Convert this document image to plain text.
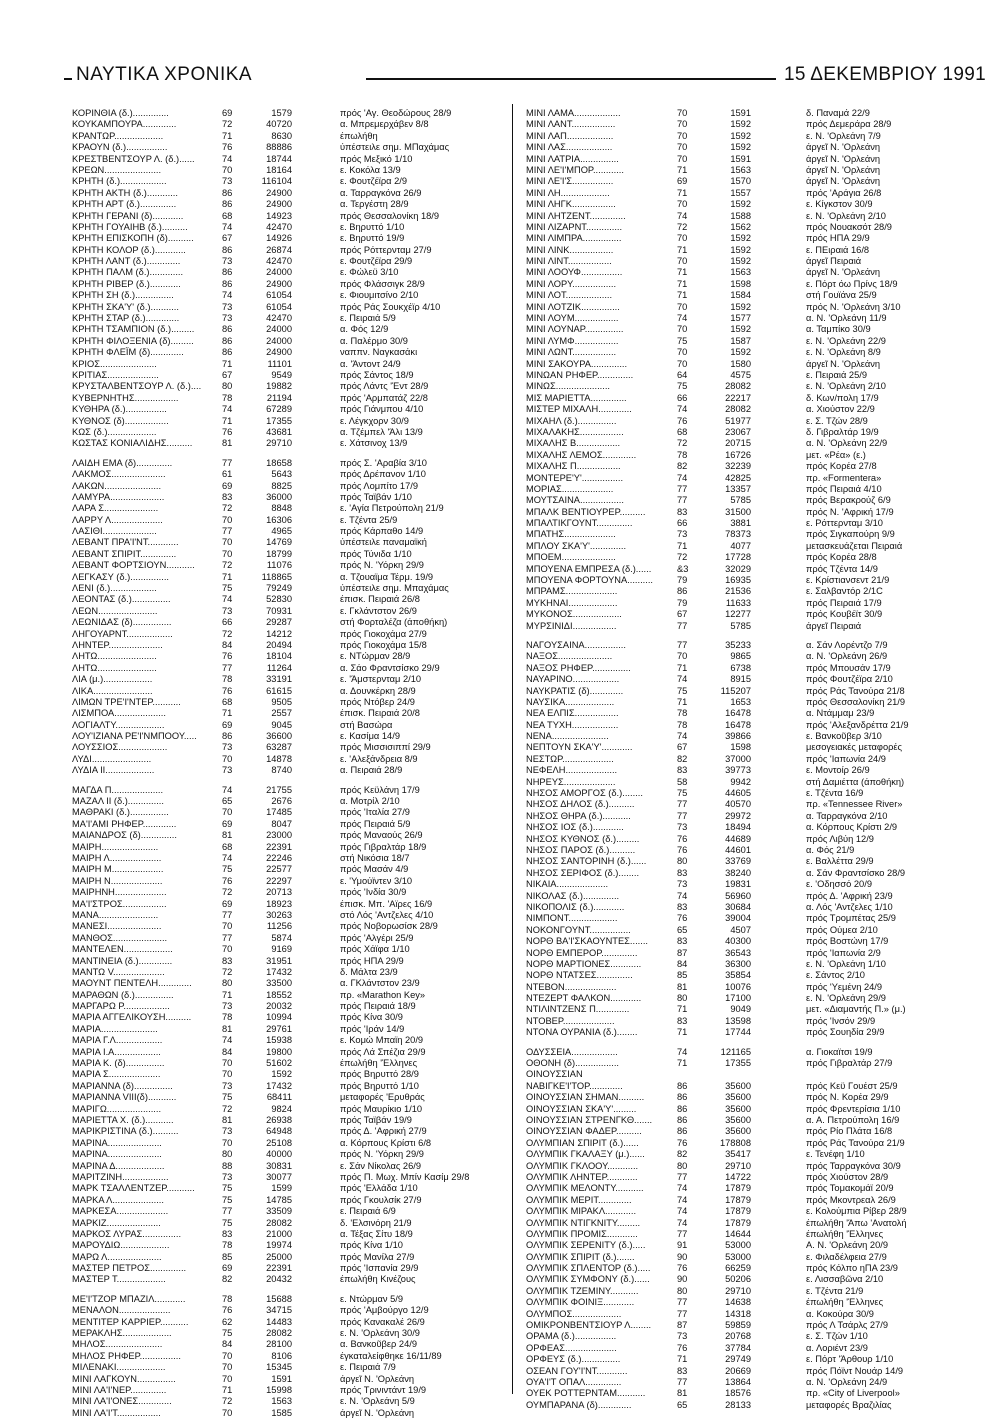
ΝΑΥΤΙΚΑ ΧΡΟΝΙΚΑ	15 ΔΕΚΕΜΒΡΙΟΥ 1991
ΚΟΡΙΝΘΙΑ (δ.)..............	69	1579	πρός 'Αγ. Θεοδώρους 28/9
ΚΟΥΚΑΜΠΟΥΡΑ.............	72	40720	α. Μπρεμερχάβεν 8/8
ΚΡΑΝΤΩΡ...................	71	8630	έπωλήθη
ΚΡΑΟΥΝ (δ.)................	76	88886	ύπέστειλε σημ. ΜΠαχάμας
ΚΡΕΣΤΒΕΝΤΣΟΥΡ Λ. (δ.)......	74	18744	πρός Μεξικό 1/10
ΚΡΕΩΝ......................	70	18164	ε. Κοκόλα 13/9
ΚΡΗΤΗ (δ.)..................	73	116104	ε. Φουτζέϊρα 2/9
ΚΡΗΤΗ ΑΚΤΗ (δ.)............	86	24900	α. Ταρραγκόνα 26/9
ΚΡΗΤΗ ΑΡΤ (δ.)..............	86	24900	α. Τεργέστη 28/9
ΚΡΗΤΗ ΓΕΡΑΝΙ (δ)............	68	14923	πρός Θεσσαλονίκη 18/9
ΚΡΗΤΗ ΓΟΥΑΙΗΒ (δ.)..........	74	42470	ε. Βηρυττό 1/10
ΚΡΗΤΗ ΕΠΙΣΚΟΠΗ (δ)..........	67	14926	ε. Βηρυττό 19/9
ΚΡΗΤΗ ΚΟΛΟΡ (δ.)............	86	26874	πρός Ρόττερνταμ 27/9
ΚΡΗΤΗ ΛΑΝΤ (δ.).............	73	42470	ε. Φουτζέϊρα 29/9
ΚΡΗΤΗ ΠΑΛΜ (δ.).............	86	24000	ε. Φώλεϋ 3/10
ΚΡΗΤΗ ΡΙΒΕΡ (δ.)............	86	24900	πρός Φλάσσιγκ 28/9
ΚΡΗΤΗ ΣΗ (δ.)...............	74	61054	ε. Φιουμιτσίνο 2/10
ΚΡΗΤΗ ΣΚΑ'Υ' (δ.)...........	73	61054	πρός Ράς Σουκχέϊρ 4/10
ΚΡΗΤΗ ΣΤΑΡ (δ.).............	73	42470	ε. Πειραιά 5/9
ΚΡΗΤΗ ΤΣΑΜΠΙΟΝ (δ.).........	86	24000	α. Φός 12/9
ΚΡΗΤΗ ΦΙΛΟΞΕΝΙΑ (δ).........	86	24000	α. Παλέρμο 30/9
ΚΡΗΤΗ ΦΛΕΪΜ (δ).............	86	24900	ναππν. Ναγκασάκι
ΚΡΙΟΣ......................	71	11101	α. 'Άντοντ 24/9
ΚΡΙΤΙΑΣ....................	67	9549	πρός Σάντος 18/9
ΚΡΥΣΤΑΛΒΕΝΤΣΟΥΡ Λ. (δ.)....	80	19882	πρός Λάντς 'Έντ 28/9
ΚΥΒΕΡΝΗΤΗΣ.................	78	21194	πρός 'Αρμπατάζ 22/8
ΚΥΘΗΡΑ (δ.)................	74	67289	πρός Γιάνμπου 4/10
ΚΥΘΝΟΣ (δ).................	71	17355	ε. Λέγκχορν 30/9
ΚΩΣ (δ.)...................	76	43681	α. Τζέμπελ 'Άλι 13/9
ΚΩΣΤΑΣ ΚΟΝΙΑΛΙΔΗΣ..........	81	29710	ε. Χάτσινοχ 13/9
ΛΑΙΔΗ ΕΜΑ (δ)..............	77	18658	πρός Σ. 'Αραβία 3/10
ΛΑΚΜΟΣ.....................	61	5643	πρός Δρέπανον 1/10
ΛΑΚΩΝ......................	69	8825	πρός Λομπίτο 17/9
ΛΑΜΥΡΑ.....................	83	36000	πρός Ταϊβάν 1/10
ΛΑΡΑ Σ.....................	72	8848	ε. 'Αγία Πετρούπολη 21/9
ΛΑΡΡΥ Λ....................	70	16306	ε. Τζέντα 25/9
ΛΑΣΙΘΙ.....................	77	4965	πρός Κάρπαθο 14/9
ΛΕΒΑΝΤ ΠΡΑ'Ι'ΝΤ............	70	14769	ύπέστειλε παναμαϊκή
ΛΕΒΑΝΤ ΣΠΙΡΙΤ..............	70	18799	πρός Τύνιδα 1/10
ΛΕΒΑΝΤ ΦΟΡΤΣΙΟΥΝ...........	72	11076	πρός Ν. 'Υόρκη 29/9
ΛΕΓΚΑΣΥ (δ.)...............	71	118865	α. Τζουαϊμα Τέρμ. 19/9
ΛΕΝΙ (δ.)..................	75	79249	ύπέστειλε σημ. Μπαχάμας
ΛΕΟΝΤΑΣ (δ.)...............	74	52830	έπισκ. Πειραιά 26/8
ΛΕΩΝ.......................	73	70931	ε. Γκλάντστον 26/9
ΛΕΩΝΙΔΑΣ (δ)...............	66	29287	στή Φορταλέζα (άποθήκη)
ΛΗΓΟΥΑΡΝΤ..................	72	14212	πρός Γιοκοχάμα 27/9
ΛΗΝΤΕΡ.....................	84	20494	πρός Γιοκοχάμα 15/8
ΛΗΤΩ.......................	76	18104	ε. ΝΤώρμαν 28/9
ΛΗΤΩ.......................	77	11264	α. Σάο Φραντσίσκο 29/9
ΛΙΑ (μ.)...................	78	33191	ε. 'Άμστερνταμ 2/10
ΛΙΚΑ.......................	76	61615	α. Δουνκέρκη 28/9
ΛΙΜΩΝ ΤΡΕ'Ι'ΝΤΕΡ...........	68	9505	πρός Ντόβερ 24/9
ΛΙΣΜΠΟΑ....................	71	2557	έπισκ. Πειραιά 20/8
ΛΟΓΙΑΛΤΥ...................	69	9045	στή Βασώρα
ΛΟΥ'ΙΖΙΑΝΑ ΡΕ'Ι'ΝΜΠΟΟΥ.....	86	36600	ε. Κασίμα 14/9
ΛΟΥΣΣΙΟΣ...................	73	63287	πρός Μισσισιππί 29/9
ΛΥΔΙ.......................	70	14878	ε. 'Αλεξάνδρεια 8/9
ΛΥΔΙΑ ΙΙ...................	73	8740	α. Πειραιά 28/9
ΜΑΓΔΑ Π....................	74	21755	πρός Κεϋλάνη 17/9
ΜΑΖΑΛ ΙΙ (δ.)..............	65	2676	α. Μοτρίλ 2/10
ΜΑΘΡΑΚΙ (δ.)...............	70	17485	πρός 'Ιταλία 27/9
ΜΑ'Ι'ΑΜΙ ΡΗΦΕΡ.............	69	8047	πρός Πειραιά 5/9
ΜΑΙΑΝΔΡΟΣ (δ)..............	81	23000	πρός Μαναούς 26/9
ΜΑΙΡΗ......................	68	22391	πρός Γιβραλτάρ 18/9
ΜΑΙΡΗ Λ....................	74	22246	στή Νικόσια 18/7
ΜΑΙΡΗ Μ....................	75	22577	πρός Μασάν 4/9
ΜΑΙΡΗ Ν....................	76	22297	ε. 'Υμούϊντεν 3/10
ΜΑΙΡΗΝΗ....................	72	20713	πρός 'Ινδία 30/9
ΜΑ'Ι'ΣΤΡΟΣ.................	69	18923	έπισκ. Μπ. 'Αϊρες 16/9
ΜΑΝΑ.......................	77	30263	στό Λός 'Αντζελες 4/10
ΜΑΝΕΣΙ.....................	70	11256	πρός Νοβορωσίσκ 28/9
ΜΑΝΘΟΣ.....................	77	5874	πρός 'Αλγέρι 25/9
ΜΑΝΤΕΛΕΝ...................	70	9169	πρός Χάϊφα 1/10
ΜΑΝΤΙΝΕΙΑ (δ.).............	83	31951	πρός ΗΠΑ 29/9
ΜΑΝΤΩ V....................	72	17432	δ. Μάλτα 23/9
ΜΑΟΥΝΤ ΠΕΝΤΕΛΗ.............	80	33500	α. ΓΚλάντστον 23/9
ΜΑΡΑΘΩΝ (δ.)...............	71	18552	πρ. «Marathon Key»
ΜΑΡΓΑΡΩ Ρ..................	73	20032	πρός Πειραιά 18/9
ΜΑΡΙΑ ΑΓΓΕΛΙΚΟΥΣΗ..........	78	10994	πρός Κίνα 30/9
ΜΑΡΙΑ......................	81	29761	πρός 'Ιράν 14/9
ΜΑΡΙΑ Γ.Λ..................	74	15938	ε. Κομώ Μπαϊη 20/9
ΜΑΡΙΑ Ι.Α..................	84	19800	πρός Λά Σπέζια 29/9
ΜΑΡΙΑ Κ. (δ)...............	70	51602	έπωλήθη 'Έλληνες
ΜΑΡΙΑ Σ....................	70	1592	πρός Βηρυττό 28/9
ΜΑΡΙΑΝΝΑ (δ)...............	73	17432	πρός Βηρυττό 1/10
ΜΑΡΙΑΝΝΑ VIII(δ)...........	75	68411	μεταφορές 'Ερυθράς
ΜΑΡΙΓΩ.....................	72	9824	πρός Μαυρίκιο 1/10
ΜΑΡΙΕΤΤΑ Χ. (δ.)...........	81	26938	πρός Ταϊβάν 19/9
ΜΑΡΙΚΡΙΣΤΙΝΑ (δ.)..........	73	64948	πρός Δ. 'Αφρική 27/9
ΜΑΡΙΝΑ.....................	70	25108	α. Κόρπους Κρίστι 6/8
ΜΑΡΙΝΑ.....................	80	40000	πρός Ν. 'Υόρκη 29/9
ΜΑΡΙΝΑ Δ...................	88	30831	ε. Σάν Νίκολας 26/9
ΜΑΡΙΤΖΙΝΗ..................	73	30077	πρός Π. Μωχ. Μπίν Κασίμ 29/8
ΜΑΡΚ ΤΣΑΛΛΕΝΤΖΕΡ...........	75	1599	πρός 'Ελλάδα 1/10
ΜΑΡΚΑ Λ....................	75	14785	πρός Γκουλσίκ 27/9
ΜΑΡΚΕΣΑ....................	77	33509	ε. Πειραιά 6/9
ΜΑΡΚΙΖ.....................	75	28082	δ. 'Ελσινόρη 21/9
ΜΑΡΚΟΣ ΛΥΡΑΣ...............	83	21000	α. Τέξας Σίτυ 18/9
ΜΑΡΟΥΔΙΩ...................	78	19974	πρός Κίνα 1/10
ΜΑΡΩ Λ.....................	85	25000	πρός Μανίλα 27/9
ΜΑΣΤΕΡ ΠΕΤΡΟΣ..............	69	22391	πρός 'Ισπανία 29/9
ΜΑΣΤΕΡ Τ...................	82	20432	έπωλήθη Κινέζους
ΜΕ'Ι'ΤΖΟΡ ΜΠΑΖΙΛ............	78	15688	ε. Ντώρμαν 5/9
ΜΕΝΑΛΟΝ....................	76	34715	πρός 'Αμβούργο 12/9
ΜΕΝΤΙΤΕΡ ΚΑΡΡΙΕΡ...........	62	14483	πρός Κανακαλέ 26/9
ΜΕΡΑΚΛΗΣ...................	75	28082	ε. Ν. 'Ορλεάνη 30/9
ΜΗΛΟΣ......................	84	28100	α. Βανκοῦβερ 24/9
ΜΗΛΟΣ ΡΗΦΕΡ................	70	8106	έγκαταλείφθηκε 16/11/89
ΜΙΛΕΝΑΚΙ...................	70	15345	ε. Πειραιά 7/9
ΜΙΝΙ ΛΑΓΚΟΥΝ...............	70	1591	άργεῖ Ν. 'Ορλεάνη
ΜΙΝΙ ΛΑ'Ι'ΝΕΡ..............	71	15998	πρός Τρινιντάντ 19/9
ΜΙΝΙ ΛΑ'Ι'ΟΝΕΣ.............	72	1563	ε. Ν. 'Ορλεάνη 5/9
ΜΙΝΙ ΛΑ'Ι'Τ.................	70	1585	άργεῖ Ν. 'Ορλεάνη
ΜΙΝΙ ΛΑΜΑ..................	70	1591	δ. Παναμά 22/9
ΜΙΝΙ ΛΑΝΤ.................	70	1592	πρός Δεμεράρα 28/9
ΜΙΝΙ ΛΑΠ..................	70	1592	ε. Ν. 'Ορλεάνη 7/9
ΜΙΝΙ ΛΑΣ..................	70	1592	άργεῖ Ν. 'Ορλεάνη
ΜΙΝΙ ΛΑΤΡΙΑ...............	70	1591	άργεῖ Ν. 'Ορλεάνη
ΜΙΝΙ ΛΕ'Ι'ΜΠΟΡ............	71	1563	άργεῖ Ν. 'Ορλεάνη
ΜΙΝΙ ΛΕ'Ι'Σ................	69	1570	άργεῖ Ν. 'Ορλεάνη
ΜΙΝΙ ΛΗ...................	71	1557	πρός 'Αράγια 26/8
ΜΙΝΙ ΛΗΓΚ.................	70	1592	ε. Κίγκστον 30/9
ΜΙΝΙ ΛΗΤΖΕΝΤ..............	74	1588	ε. Ν. 'Ορλεάνη 2/10
ΜΙΝΙ ΛΙΖΑΡΝΤ..............	72	1562	πρός Νουακσότ 28/9
ΜΙΝΙ ΛΙΜΠΡΑ...............	70	1592	πρός ΗΠΑ 29/9
ΜΙΝΙ ΛΙΝΚ.................	71	1592	ε. ΠΕιραιά 16/8
ΜΙΝΙ ΛΙΝΤ.................	70	1592	άργεῖ Πειραιά
ΜΙΝΙ ΛΟΟΥΦ................	71	1563	άργεῖ Ν. 'Ορλεάνη
ΜΙΝΙ ΛΟΡΥ.................	71	1598	ε. Πόρτ όω Πρίνς 18/9
ΜΙΝΙ ΛΟΤ..................	71	1584	στή Γουϊάνα 25/9
ΜΙΝΙ ΛΟΤΖΙΚ...............	70	1592	πρός Ν. 'Ορλεάνη 3/10
ΜΙΝΙ ΛΟΥΜ.................	74	1577	α. Ν. 'Ορλεάνη 11/9
ΜΙΝΙ ΛΟΥΝΑΡ...............	70	1592	α. Ταμπίκο 30/9
ΜΙΝΙ ΛΥΜΦ.................	75	1587	ε. Ν. 'Ορλεάνη 22/9
ΜΙΝΙ ΛΩΝΤ.................	70	1592	ε. Ν. 'Ορλεάνη 8/9
ΜΙΝΙ ΣΑΚΟΥΡΑ..............	70	1580	άργεῖ Ν. 'Ορλεάνη
ΜΙΝΩΑΝ ΡΗΦΕΡ..............	64	4575	ε. Πειραιά 25/9
ΜΙΝΩΣ.....................	75	28082	ε. Ν. 'Ορλεάνη 2/10
ΜΙΣ ΜΑΡΙΕΤΤΑ..............	66	22217	δ. Κων/πολη 17/9
ΜΙΣΤΕΡ ΜΙΧΑΛΗ.............	74	28082	α. Χιούστον 22/9
ΜΙΧΑΗΛ (δ.)...............	76	51977	ε. Σ. Τζών 28/9
ΜΙΧΑΛΑΚΗΣ.................	68	23067	δ. Γιβραλτάρ 19/9
ΜΙΧΑΛΗΣ Β.................	72	20715	α. Ν. 'Ορλεάνη 22/9
ΜΙΧΑΛΗΣ ΛΕΜΟΣ.............	78	16726	μετ. «Ρέα» (ε.)
ΜΙΧΑΛΗΣ Π.................	82	32239	πρός Κορέα 27/8
ΜΟΝΤΕΡΕ'Υ'................	74	42825	πρ. «Formentera»
ΜΟΡΙΑΣ....................	77	13357	πρός Πειραιά 4/10
ΜΟΥΤΣΑΙΝΑ.................	77	5785	πρός Βερακρούζ 6/9
ΜΠΑΛΚ ΒΕΝΤΙΟΥΡΕΡ..........	83	31500	πρός Ν. 'Αφρική 17/9
ΜΠΑΛΤΙΚΓΟΥΝΤ..............	66	3881	ε. Ρόττερνταμ 3/10
ΜΠΑΤΗΣ....................	73	78373	πρός Σιγκαπούρη 9/9
ΜΠΛΟΥ ΣΚΑ'Υ'..............	71	4077	μετασκευάζεται Πειραιά
ΜΠΟΕΜ.....................	72	17728	πρός Κορέα 28/8
ΜΠΟΥΕΝΑ ΕΜΠΡΕΣΑ (δ.)......	&3	32029	πρός Τζέντα 14/9
ΜΠΟΥΕΝΑ ΦΟΡΤΟΥΝΑ..........	79	16935	ε. Κρίστιανσεντ 21/9
ΜΠΡΑΜΣ....................	86	21536	ε. Σαλβαντόρ 2/1C
ΜΥΚΗΝΑΙ...................	79	11633	πρός Πειραιά 17/9
ΜΥΚΟΝΟΣ...................	67	12277	πρός Κουβέϊτ 30/9
ΜΥΡΣΙΝΙΔΙ.................	77	5785	άργεῖ Πειραιά
ΝΑΓΟΥΣΑΙΝΑ................	77	35233	α. Σάν Λορέντζο 7/9
ΝΑΞΟΣ.....................	70	9865	α. Ν. 'Ορλεάνη 26/9
ΝΑΞΟΣ ΡΗΦΕΡ...............	71	6738	πρός Μπουσάν 17/9
ΝΑΥΑΡΙΝΟ..................	74	8915	πρός Φουτζέϊρα 2/10
ΝΑΥΚΡΑΤΙΣ (δ).............	75	115207	πρός Ράς Τανούρα 21/8
ΝΑΥΣΙΚΑ...................	71	1653	πρός Θεσσαλονίκη 21/9
ΝΕΑ ΕΛΠΙΣ.................	78	16478	α. Ντάμμαμ 23/9
ΝΕΑ ΤΥΧΗ..................	78	16478	πρός 'Αλεξανδρέττα 21/9
ΝΕΝΑ......................	74	39866	ε. Βανκοῦβερ 3/10
ΝΕΠΤΟΥΝ ΣΚΑ'Υ'............	67	1598	μεσογειακές μεταφορές
ΝΕΣΤΩΡ....................	82	37000	πρός 'Ιαπωνία 24/9
ΝΕΦΕΛΗ....................	83	39773	ε. Μοντοίρ 26/9
ΝΗΡΕΥΣ....................	58	9942	στή Δαμιέττα (άποθήκη)
ΝΗΣΟΣ ΑΜΟΡΓΟΣ (δ.)........	75	44605	ε. Τζέντα 16/9
ΝΗΣΟΣ ΔΗΛΟΣ (δ.)..........	77	40570	πρ. «Tennessee River»
ΝΗΣΟΣ ΘΗΡΑ (δ.)...........	77	29972	α. Ταρραγκόνα 2/10
ΝΗΣΟΣ ΙΟΣ (δ.)............	73	18494	α. Κόρπους Κρίστι 2/9
ΝΗΣΟΣ ΚΥΘΝΟΣ (δ.).........	76	44689	πρός Λιβύη 12/9
ΝΗΣΟΣ ΠΑΡΟΣ (δ.)..........	76	44601	α. Φός 21/9
ΝΗΣΟΣ ΣΑΝΤΟΡΙΝΗ (δ.)......	80	33769	ε. Βαλλέττα 29/9
ΝΗΣΟΣ ΣΕΡΙΦΟΣ (δ.)........	83	38240	α. Σάν Φραντσίσκο 28/9
ΝΙΚΑΙΑ....................	73	19831	ε. 'Οδησσό 20/9
ΝΙΚΟΛΑΣ (δ.)..............	74	56960	πρός Δ. 'Αφρική 23/9
ΝΙΚΟΠΟΛΙΣ (δ.)............	83	30684	α. Λός 'Αντζελες 1/10
ΝΙΜΠΟΝΤ...................	76	39004	πρός Τρομπέτας 25/9
ΝΟΚΟΝΓΟΥΝΤ................	65	4507	πρός Ούμεα 2/10
ΝΟΡΘ ΒΑ'Ι'ΣΚΑΟΥΝΤΕΣ.......	83	40300	πρός Βοστώνη 17/9
ΝΟΡΘ ΕΜΠΕΡΟΡ..............	87	36543	πρός 'Ιαπωνία 2/9
ΝΟΡΘ ΜΑΡΤΙΟΝΕΣ............	84	36300	ε. Ν. 'Ορλεάνη 1/10
ΝΟΡΘ ΝΤΑΤΣΕΣ..............	85	35854	ε. Σάντος 2/10
ΝΤΕΒΟΝ....................	81	10076	πρός 'Υεμένη 24/9
ΝΤΕΖΕΡΤ ΦΑΛΚΟΝ............	80	17100	ε. Ν. 'Ορλεάνη 29/9
ΝΤΙΛΙΝΤΖΕΝΣ Π.............	71	9049	μετ. «Διαμαντής Π.» (μ.)
ΝΤΟΒΕΡ....................	83	13598	πρός 'Ινσόν 29/9
ΝΤΟΝΑ ΟΥΡΑΝΙΑ (δ.)........	71	17744	πρός Σουηδία 29/9
ΟΔΥΣΣΕΙΑ..................	74	121165	α. Γιοκαϊτσι 19/9
ΟΘΟΝΗ (δ).................	71	17355	πρός Γιβραλτάρ 27/9
ΟΙΝΟΥΣΣΙΑΝ
ΝΑΒΙΓΚΕ'Ι'ΤΟΡ.............	86	35600	πρός Κεϋ Γουέστ 25/9
ΟΙΝΟΥΣΣΙΑΝ ΣΗΜΑΝ..........	86	35600	πρός Ν. Κορέα 29/9
ΟΙΝΟΥΣΣΙΑΝ ΣΚΑ'Υ'.........	86	35600	πρός Φρεντερίσια 1/10
ΟΙΝΟΥΣΣΙΑΝ ΣΤΡΕΝΓΚΘ.......	86	35600	α. Α. Πετρούπολη 16/9
ΟΙΝΟΥΣΣΙΑΝ ΦΑΔΕΡ..........	86	35600	πρός Ρίο Πλάτα 16/8
ΟΛΥΜΠΙΑΝ ΣΠΙΡΙΤ (δ.)......	76	178808	πρός Ράς Τανούρα 21/9
ΟΛΥΜΠΙΚ ΓΚΑΛΑΞΥ (μ.)......	82	35417	ε. Τενέφη 1/10
ΟΛΥΜΠΙΚ ΓΚΛΟΟΥ............	80	29710	πρός Ταρραγκόνα 30/9
ΟΛΥΜΠΙΚ ΛΗΝΤΕΡ............	77	14722	πρός Χιούστον 28/9
ΟΛΥΜΠΙΚ ΜΕΛΟΝΤΥ...........	74	17879	πρός Τομακομάϊ 20/9
ΟΛΥΜΠΙΚ ΜΕΡΙΤ.............	74	17879	πρός Μκοντρεαλ 26/9
ΟΛΥΜΠΙΚ ΜΙΡΑΚΛ............	74	17879	ε. Κολούμπια Ρίβερ 28/9
ΟΛΥΜΠΙΚ ΝΤΙΓΚΝΙΤΥ.........	74	17879	έπωλήθη 'Άπω 'Ανατολή
ΟΛΥΜΠΙΚ ΠΡΟΜΙΣ............	77	14644	έπωλήθη 'Έλληνες
ΟΛΥΜΠΙΚ ΣΕΡΕΝΙΤΥ (δ.).....	91	53000	Α. Ν. 'Ορλεάνη 20/9
ΟΛΥΜΠΙΚ ΣΠΙΡΙΤ (δ.).......	90	53000	ε. Φιλαδέλφεια 27/9
ΟΛΥΜΠΙΚ ΣΠΛΕΝΤΟΡ (δ.).....	76	66259	πρός Κόλπο ηΠΑ 23/9
ΟΛΥΜΠΙΚ ΣΥΜΦΟΝΥ (δ.)......	90	50206	ε. Λισσαβῶνα 2/10
ΟΛΥΜΠΙΚ ΤΖΕΜΙΝΥ...........	80	29710	ε. Τζέντα 21/9
ΟΛΥΜΠΙΚ ΦΟΙΝΙΞ............	77	14638	έπωλήθη 'Έλληνες
ΟΛΥΜΠΟΣ...................	77	14318	α. Κοκούρα 30/9
ΟΜΙΚΡΟΝΒΕΝΤΣΙΟΥΡ Λ........	87	59859	πρός Λ Τσάρλς 27/9
ΟΡΑΜΑ (δ.)................	73	20768	ε. Σ. Τζών 1/10
ΟΡΦΕΑΣ....................	76	37784	α. Λοριέντ 23/9
ΟΡΦΕΥΣ (δ.)...............	71	29749	ε. Πόρτ 'Άρθουρ 1/10
ΟΣΕΑΝ ΓΟΥ'Ι'ΝΤ............	83	20669	πρός Πόϊντ Νουάρ 14/9
ΟΥΑ'Ι'Τ ΟΠΑΛ..............	77	13864	α. Ν. 'Ορλεάνη 24/9
ΟΥΕΚ ΡΟΤΤΕΡΝΤΑΜ...........	81	18576	πρ. «City of Liverpool»
ΟΥΜΠΑΡΑΝΑ (δ).............	65	28133	μεταφορές Βραζιλίας
